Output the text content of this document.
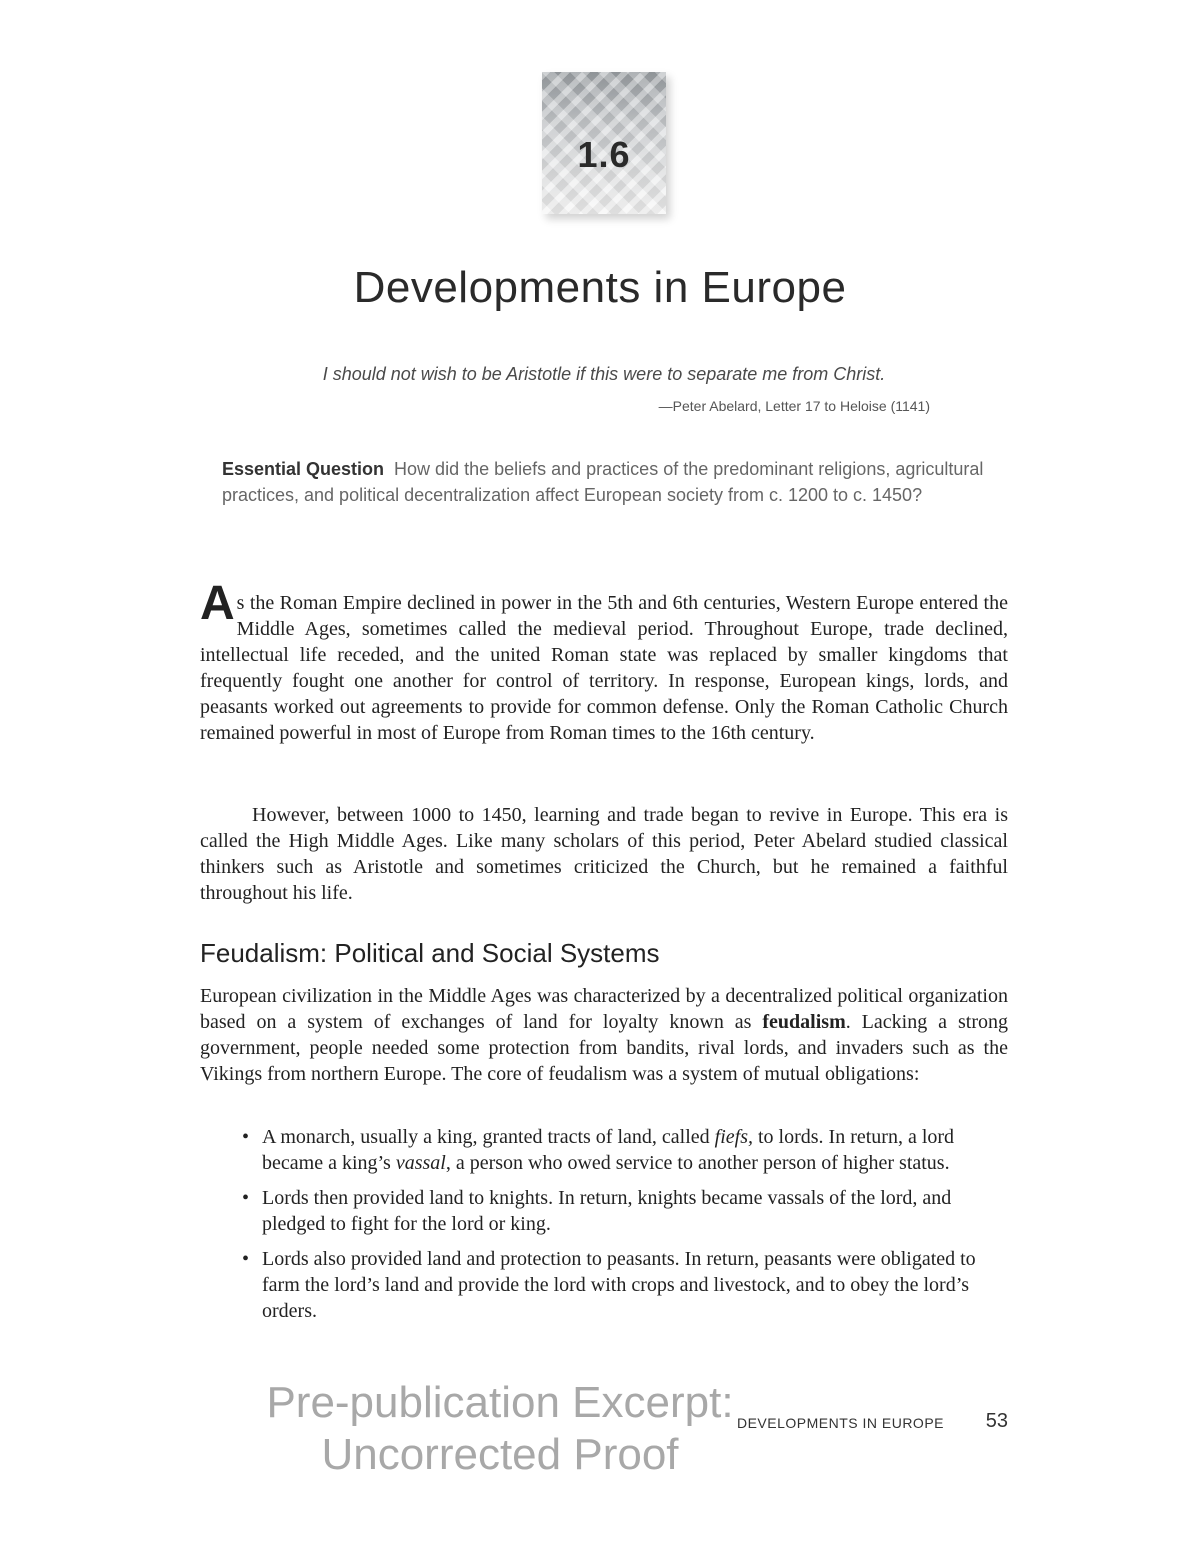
1.6
Developments in Europe
I should not wish to be Aristotle if this were to separate me from Christ.
—Peter Abelard, Letter 17 to Heloise (1141)
Essential Question How did the beliefs and practices of the predominant religions, agricultural practices, and political decentralization affect European society from c. 1200 to c. 1450?

As the Roman Empire declined in power in the 5th and 6th centuries, Western Europe entered the Middle Ages, sometimes called the medieval period. Throughout Europe, trade declined, intellectual life receded, and the united Roman state was replaced by smaller kingdoms that frequently fought one another for control of territory. In response, European kings, lords, and peasants worked out agreements to provide for common defense. Only the Roman Catholic Church remained powerful in most of Europe from Roman times to the 16th century.

However, between 1000 to 1450, learning and trade began to revive in Europe. This era is called the High Middle Ages. Like many scholars of this period, Peter Abelard studied classical thinkers such as Aristotle and sometimes criticized the Church, but he remained a faithful throughout his life.

Feudalism: Political and Social Systems

European civilization in the Middle Ages was characterized by a decentralized political organization based on a system of exchanges of land for loyalty known as feudalism. Lacking a strong government, people needed some protection from bandits, rival lords, and invaders such as the Vikings from northern Europe. The core of feudalism was a system of mutual obligations:

• A monarch, usually a king, granted tracts of land, called fiefs, to lords. In return, a lord became a king’s vassal, a person who owed service to another person of higher status.
• Lords then provided land to knights. In return, knights became vassals of the lord, and pledged to fight for the lord or king.
• Lords also provided land and protection to peasants. In return, peasants were obligated to farm the lord’s land and provide the lord with crops and livestock, and to obey the lord’s orders.
Pre-publication Excerpt:
Uncorrected Proof
DEVELOPMENTS IN EUROPE 53
